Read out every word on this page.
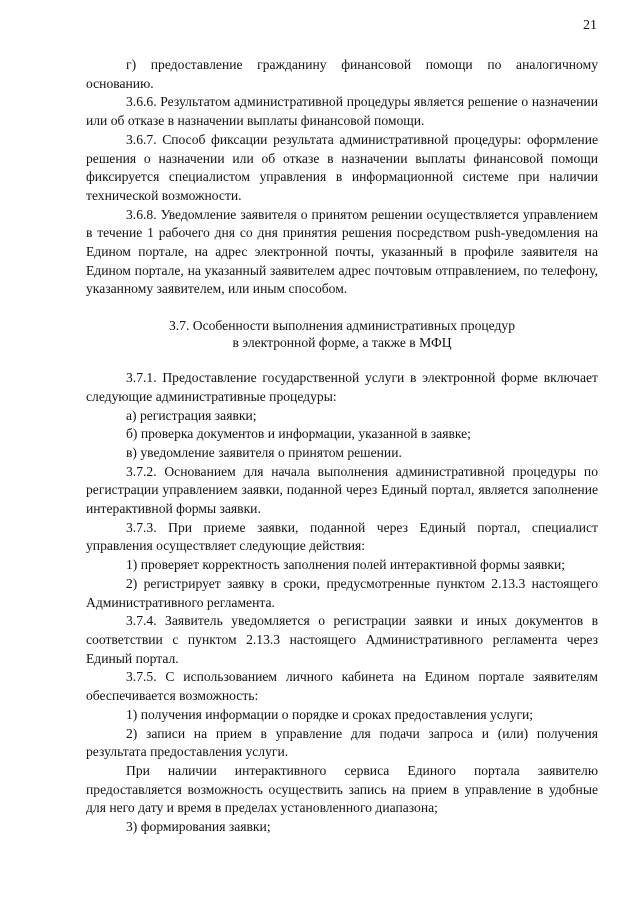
21

г) предоставление гражданину финансовой помощи по аналогичному основанию.

3.6.6. Результатом административной процедуры является решение о назначении или об отказе в назначении выплаты финансовой помощи.

3.6.7. Способ фиксации результата административной процедуры: оформление решения о назначении или об отказе в назначении выплаты финансовой помощи фиксируется специалистом управления в информационной системе при наличии технической возможности.

3.6.8. Уведомление заявителя о принятом решении осуществляется управлением в течение 1 рабочего дня со дня принятия решения посредством push-уведомления на Едином портале, на адрес электронной почты, указанный в профиле заявителя на Едином портале, на указанный заявителем адрес почтовым отправлением, по телефону, указанному заявителем, или иным способом.

3.7. Особенности выполнения административных процедур
в электронной форме, а также в МФЦ

3.7.1. Предоставление государственной услуги в электронной форме включает следующие административные процедуры:

а) регистрация заявки;

б) проверка документов и информации, указанной в заявке;

в) уведомление заявителя о принятом решении.

3.7.2. Основанием для начала выполнения административной процедуры по регистрации управлением заявки, поданной через Единый портал, является заполнение интерактивной формы заявки.

3.7.3. При приеме заявки, поданной через Единый портал, специалист управления осуществляет следующие действия:

1) проверяет корректность заполнения полей интерактивной формы заявки;

2) регистрирует заявку в сроки, предусмотренные пунктом 2.13.3 настоящего Административного регламента.

3.7.4. Заявитель уведомляется о регистрации заявки и иных документов в соответствии с пунктом 2.13.3 настоящего Административного регламента через Единый портал.

3.7.5. С использованием личного кабинета на Едином портале заявителям обеспечивается возможность:

1) получения информации о порядке и сроках предоставления услуги;

2) записи на прием в управление для подачи запроса и (или) получения результата предоставления услуги.

При наличии интерактивного сервиса Единого портала заявителю предоставляется возможность осуществить запись на прием в управление в удобные для него дату и время в пределах установленного диапазона;

3) формирования заявки;
